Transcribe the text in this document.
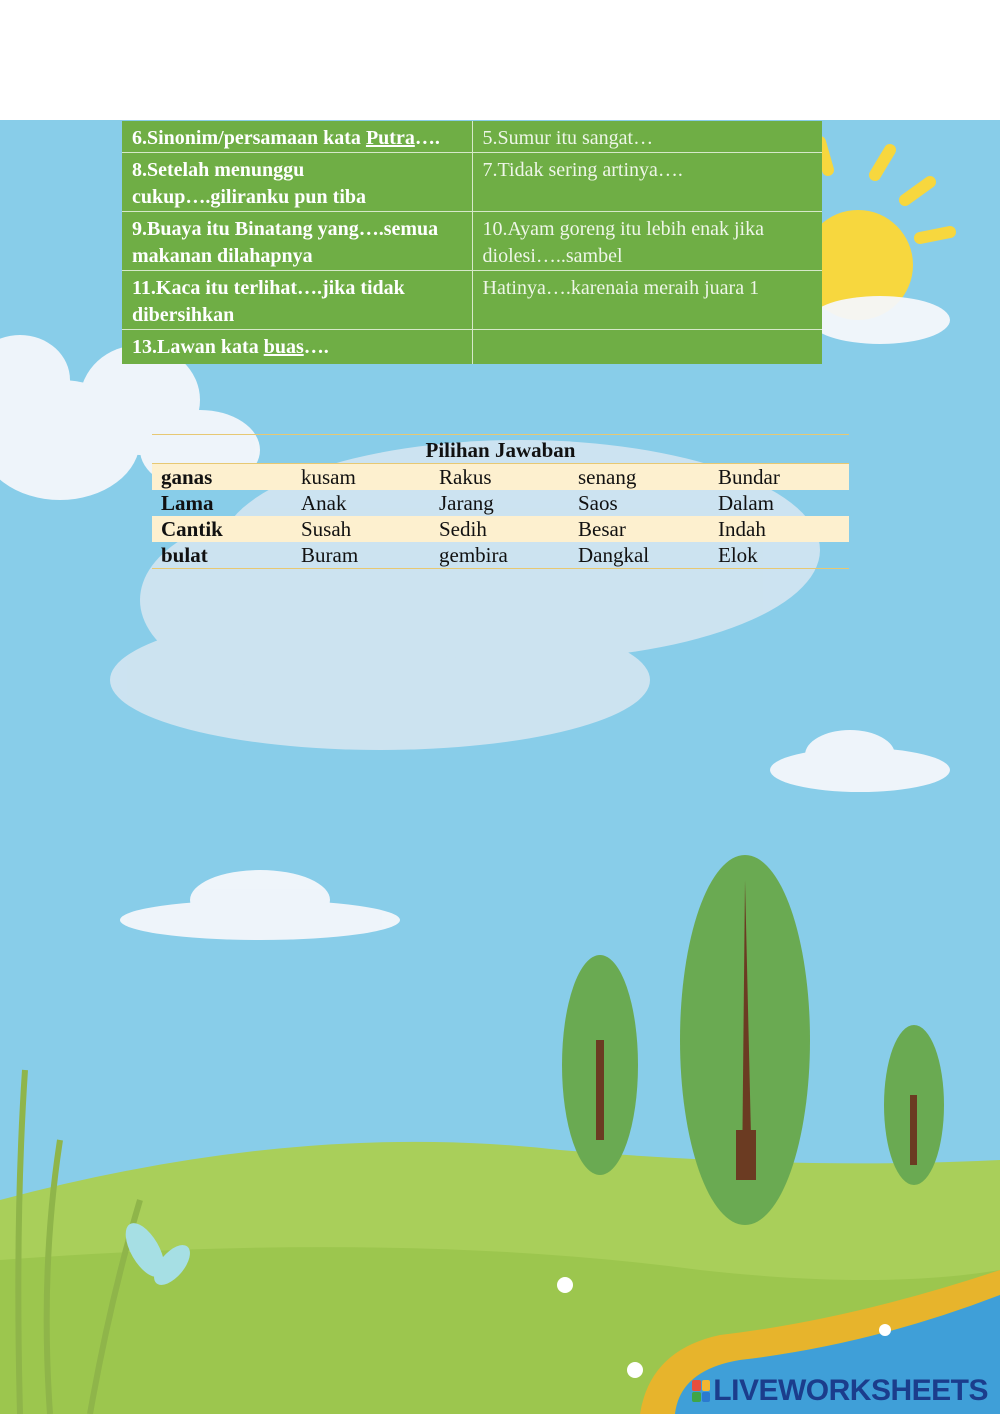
6.Sinonim/persamaan kata Putra….	5.Sumur itu sangat…
8.Setelah menunggu cukup….giliranku pun tiba	7.Tidak sering artinya….
9.Buaya itu Binatang yang….semua makanan dilahapnya	10.Ayam goreng itu lebih enak jika diolesi…..sambel
11.Kaca itu terlihat….jika tidak dibersihkan	Hatinya….karenaia meraih juara 1
13.Lawan kata buas….	
Pilihan Jawaban				
ganas	kusam	Rakus	senang	Bundar
Lama	Anak	Jarang	Saos	Dalam
Cantik	Susah	Sedih	Besar	Indah
bulat	Buram	gembira	Dangkal	Elok
LIVEWORKSHEETS
